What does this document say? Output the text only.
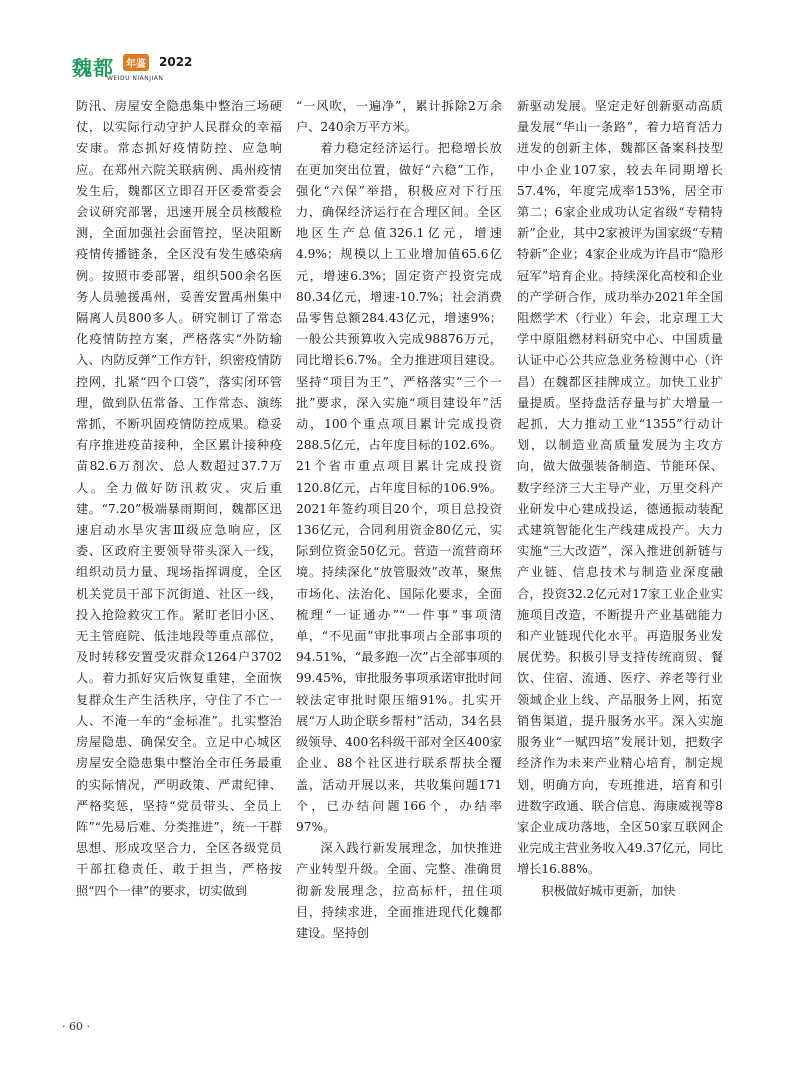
魏都	年鉴 2022
WEIDU NIANJIAN

防汛、房屋安全隐患集中整治三场硬仗，以实际行动守护人民群众的幸福安康。常态抓好疫情防控、应急响应。在郑州六院关联病例、禹州疫情发生后，魏都区立即召开区委常委会会议研究部署，迅速开展全员核酸检测，全面加强社会面管控，坚决阻断疫情传播链条，全区没有发生感染病例。按照市委部署，组织500余名医务人员驰援禹州，妥善安置禹州集中隔离人员800多人。研究制订了常态化疫情防控方案，严格落实“外防输入、内防反弹”工作方针，织密疫情防控网，扎紧“四个口袋”，落实闭环管理，做到队伍常备、工作常态、演练常抓，不断巩固疫情防控成果。稳妥有序推进疫苗接种，全区累计接种疫苗82.6万剂次、总人数超过37.7万人。全力做好防汛救灾、灾后重建。“7.20”极端暴雨期间，魏都区迅速启动水旱灾害Ⅲ级应急响应，区委、区政府主要领导带头深入一线，组织动员力量、现场指挥调度，全区机关党员干部下沉街道、社区一线，投入抢险救灾工作。紧盯老旧小区、无主管庭院、低洼地段等重点部位，及时转移安置受灾群众1264户3702人。着力抓好灾后恢复重建，全面恢复群众生产生活秩序，守住了不亡一人、不淹一车的“金标准”。扎实整治房屋隐患、确保安全。立足中心城区房屋安全隐患集中整治全市任务最重的实际情况，严明政策、严肃纪律、严格奖惩，坚持“党员带头、全员上阵”“先易后难、分类推进”，统一干群思想、形成攻坚合力，全区各级党员干部扛稳责任、敢于担当，严格按照“四个一律”的要求，切实做到

“一风吹，一遍净”，累计拆除2万余户、240余万平方米。

着力稳定经济运行。把稳增长放在更加突出位置，做好“六稳”工作，强化“六保”举措，积极应对下行压力，确保经济运行在合理区间。全区地区生产总值326.1亿元，增速4.9%；规模以上工业增加值65.6亿元，增速6.3%；固定资产投资完成80.34亿元，增速-10.7%；社会消费品零售总额284.43亿元，增速9%；一般公共预算收入完成98876万元，同比增长6.7%。全力推进项目建设。坚持“项目为王”，严格落实“三个一批”要求，深入实施“项目建设年”活动，100个重点项目累计完成投资288.5亿元，占年度目标的102.6%。21个省市重点项目累计完成投资120.8亿元，占年度目标的106.9%。2021年签约项目20个，项目总投资136亿元，合同利用资金80亿元，实际到位资金50亿元。营造一流营商环境。持续深化“放管服效”改革，聚焦市场化、法治化、国际化要求，全面梳理“一证通办”“一件事”事项清单，“不见面”审批事项占全部事项的94.51%，“最多跑一次”占全部事项的99.45%，审批服务事项承诺审批时间较法定审批时限压缩91%。扎实开展“万人助企联乡帮村”活动，34名县级领导、400名科级干部对全区400家企业、88个社区进行联系帮扶全覆盖，活动开展以来，共收集问题171个，已办结问题166个，办结率97%。

深入践行新发展理念，加快推进产业转型升级。全面、完整、准确贯彻新发展理念，拉高标杆，扭住项目，持续求进，全面推进现代化魏都建设。坚持创

新驱动发展。坚定走好创新驱动高质量发展“华山一条路”，着力培育活力迸发的创新主体，魏都区备案科技型中小企业107家，较去年同期增长57.4%，年度完成率153%，居全市第二；6家企业成功认定省级“专精特新”企业，其中2家被评为国家级“专精特新”企业；4家企业成为许昌市“隐形冠军”培育企业。持续深化高校和企业的产学研合作，成功举办2021年全国阻燃学术（行业）年会，北京理工大学中原阻燃材料研究中心、中国质量认证中心公共应急业务检测中心（许昌）在魏都区挂牌成立。加快工业扩量提质。坚持盘活存量与扩大增量一起抓，大力推动工业“1355”行动计划，以制造业高质量发展为主攻方向，做大做强装备制造、节能环保、数字经济三大主导产业，万里交科产业研发中心建成投运，德通振动装配式建筑智能化生产线建成投产。大力实施“三大改造”，深入推进创新链与产业链、信息技术与制造业深度融合，投资32.2亿元对17家工业企业实施项目改造，不断提升产业基础能力和产业链现代化水平。再造服务业发展优势。积极引导支持传统商贸、餐饮、住宿、流通、医疗、养老等行业领域企业上线、产品服务上网，拓宽销售渠道，提升服务水平。深入实施服务业“一赋四培”发展计划，把数字经济作为未来产业精心培育，制定规划，明确方向，专班推进，培育和引进数字政通、联合信息、海康威视等8家企业成功落地，全区50家互联网企业完成主营业务收入49.37亿元，同比增长16.88%。

积极做好城市更新，加快

· 60 ·
